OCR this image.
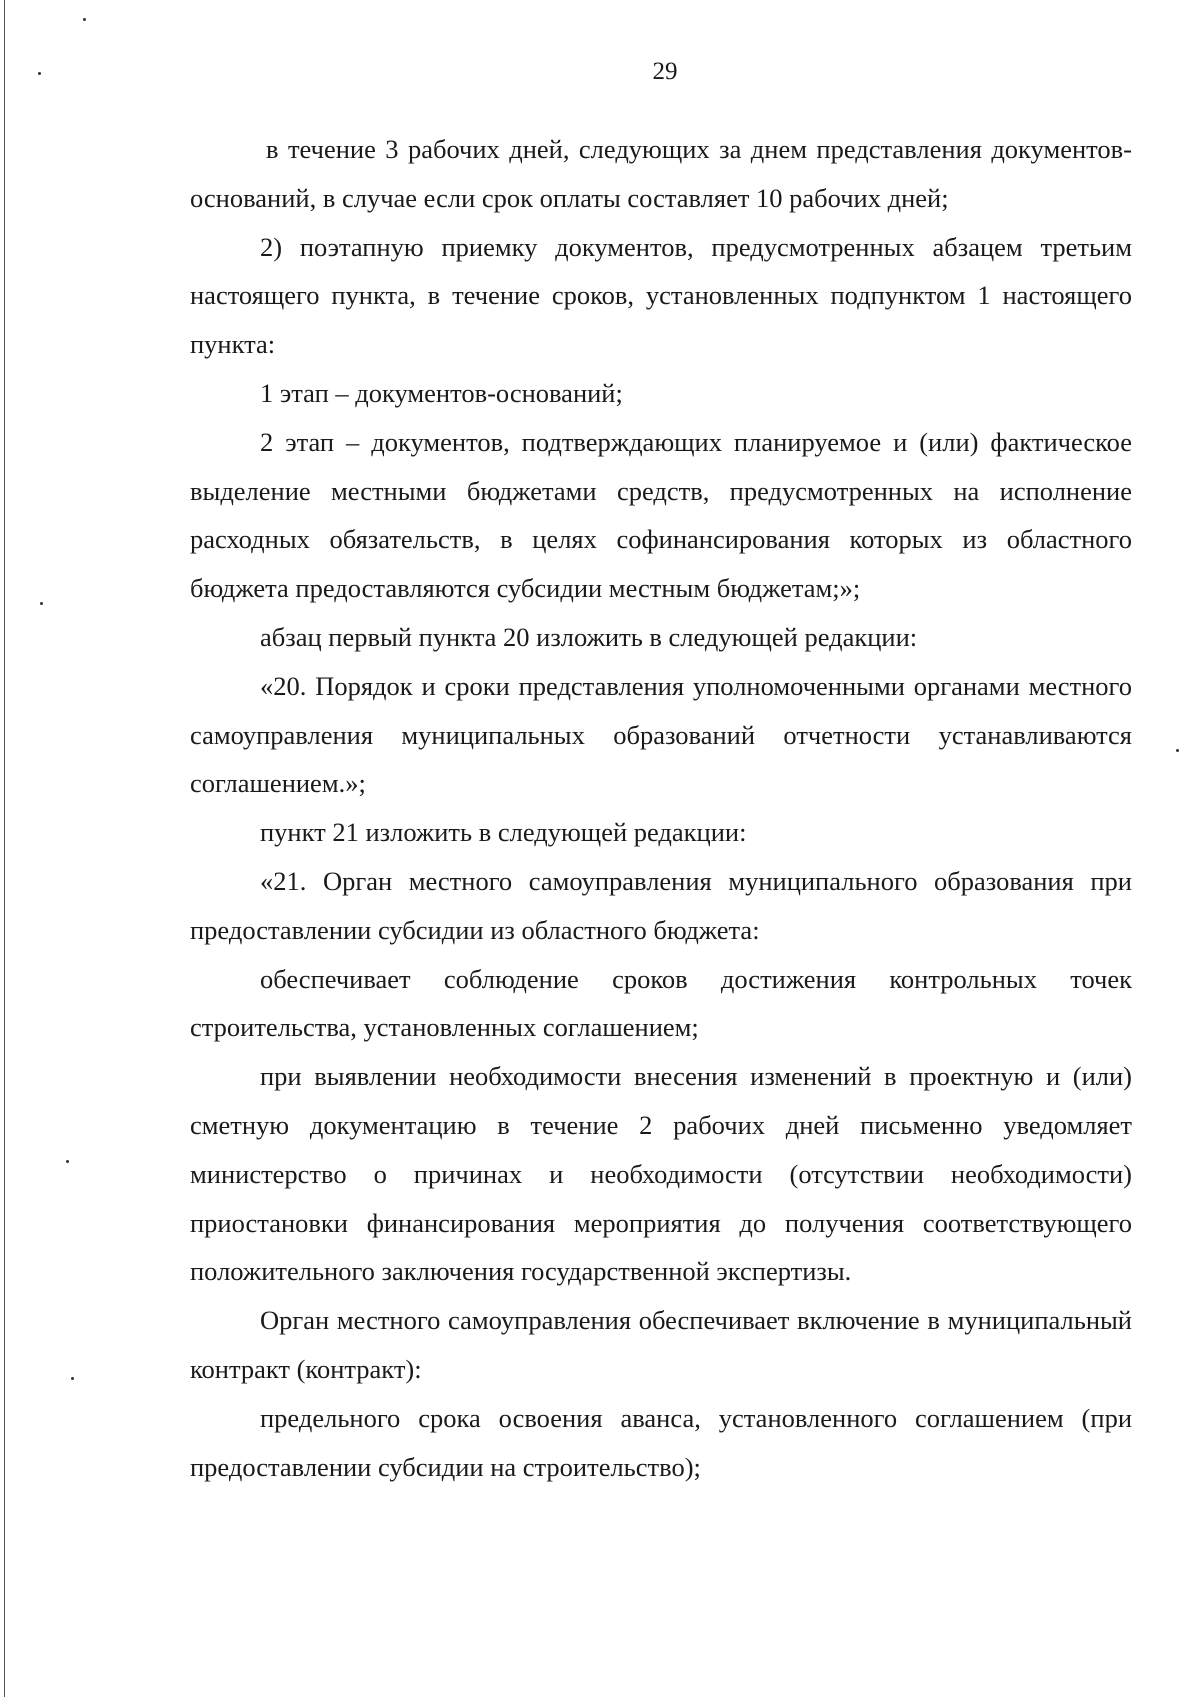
29

в течение 3 рабочих дней, следующих за днем представления документов-оснований, в случае если срок оплаты составляет 10 рабочих дней;

2) поэтапную приемку документов, предусмотренных абзацем третьим настоящего пункта, в течение сроков, установленных подпунктом 1 настоящего пункта:

1 этап – документов-оснований;

2 этап – документов, подтверждающих планируемое и (или) фактическое выделение местными бюджетами средств, предусмотренных на исполнение расходных обязательств, в целях софинансирования которых из областного бюджета предоставляются субсидии местным бюджетам;»;

абзац первый пункта 20 изложить в следующей редакции:

«20. Порядок и сроки представления уполномоченными органами местного самоуправления муниципальных образований отчетности устанавливаются соглашением.»;

пункт 21 изложить в следующей редакции:

«21. Орган местного самоуправления муниципального образования при предоставлении субсидии из областного бюджета:

обеспечивает соблюдение сроков достижения контрольных точек строительства, установленных соглашением;

при выявлении необходимости внесения изменений в проектную и (или) сметную документацию в течение 2 рабочих дней письменно уведомляет министерство о причинах и необходимости (отсутствии необходимости) приостановки финансирования мероприятия до получения соответствующего положительного заключения государственной экспертизы.

Орган местного самоуправления обеспечивает включение в муниципальный контракт (контракт):

предельного срока освоения аванса, установленного соглашением (при предоставлении субсидии на строительство);
